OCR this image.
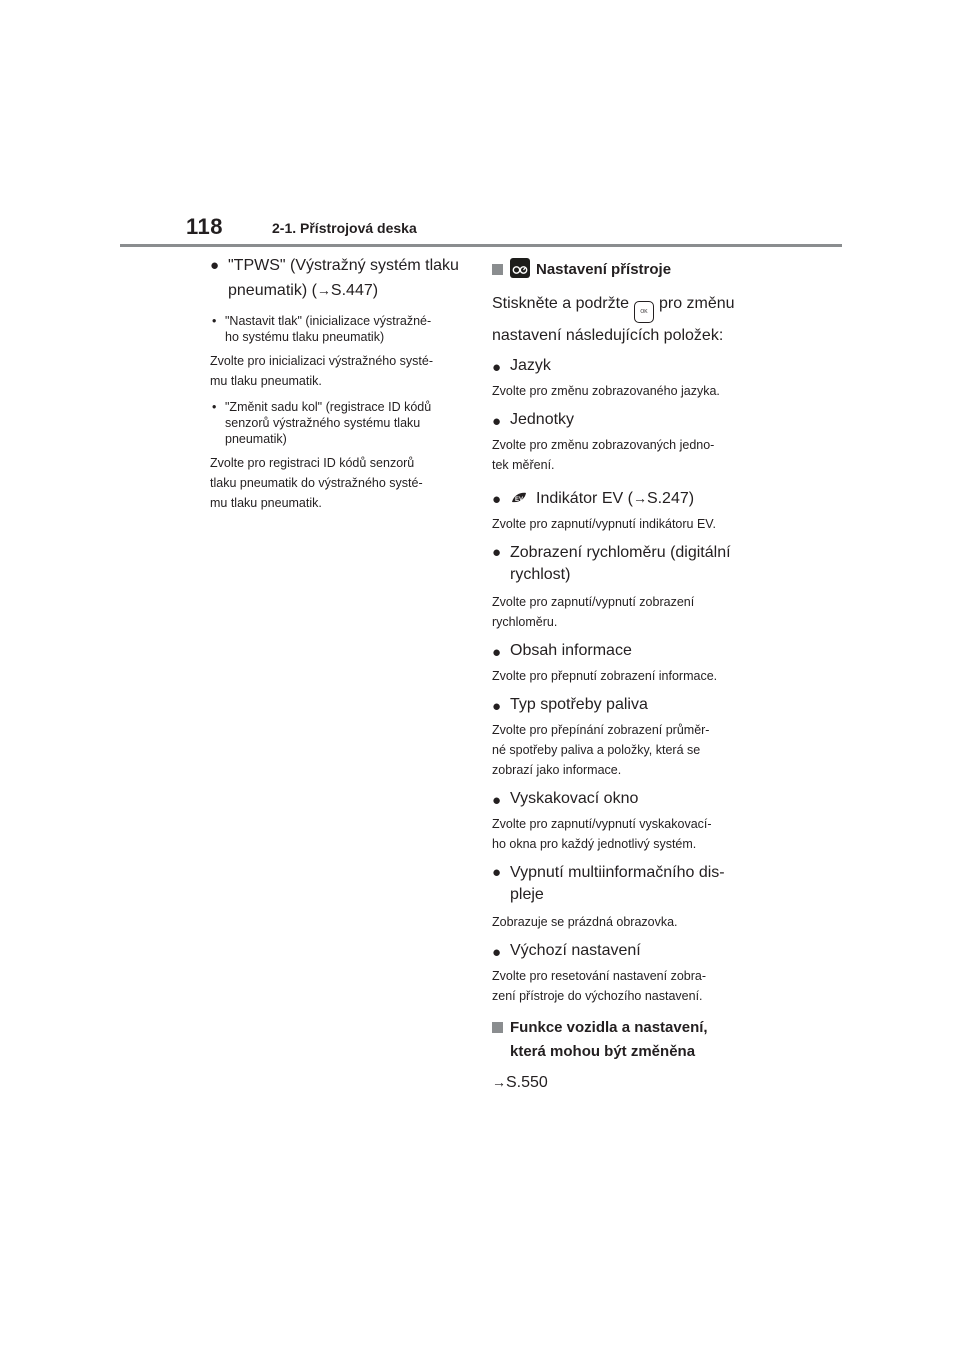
118	2-1. Přístrojová deska
● "TPWS" (Výstražný systém tlaku
pneumatik) (→S.447)
• "Nastavit tlak" (inicializace výstražné-
ho systému tlaku pneumatik)

Zvolte pro inicializaci výstražného systé-
mu tlaku pneumatik.

• "Změnit sadu kol" (registrace ID kódů
senzorů výstražného systému tlaku
pneumatik)

Zvolte pro registraci ID kódů senzorů
tlaku pneumatik do výstražného systé-
mu tlaku pneumatik.

Nastavení přístroje

Stiskněte a podržte OK pro změnu
nastavení následujících položek:

● Jazyk

Zvolte pro změnu zobrazovaného jazyka.

● Jednotky

Zvolte pro změnu zobrazovaných jedno-
tek měření.

● EV Indikátor EV (→S.247)

Zvolte pro zapnutí/vypnutí indikátoru EV.

● Zobrazení rychloměru (digitální
rychlost)

Zvolte pro zapnutí/vypnutí zobrazení
rychloměru.

● Obsah informace

Zvolte pro přepnutí zobrazení informace.

● Typ spotřeby paliva

Zvolte pro přepínání zobrazení průměr-
né spotřeby paliva a položky, která se
zobrazí jako informace.

● Vyskakovací okno

Zvolte pro zapnutí/vypnutí vyskakovací-
ho okna pro každý jednotlivý systém.

● Vypnutí multiinformačního dis-
pleje

Zobrazuje se prázdná obrazovka.

● Výchozí nastavení

Zvolte pro resetování nastavení zobra-
zení přístroje do výchozího nastavení.

Funkce vozidla a nastavení,
která mohou být změněna

→S.550
